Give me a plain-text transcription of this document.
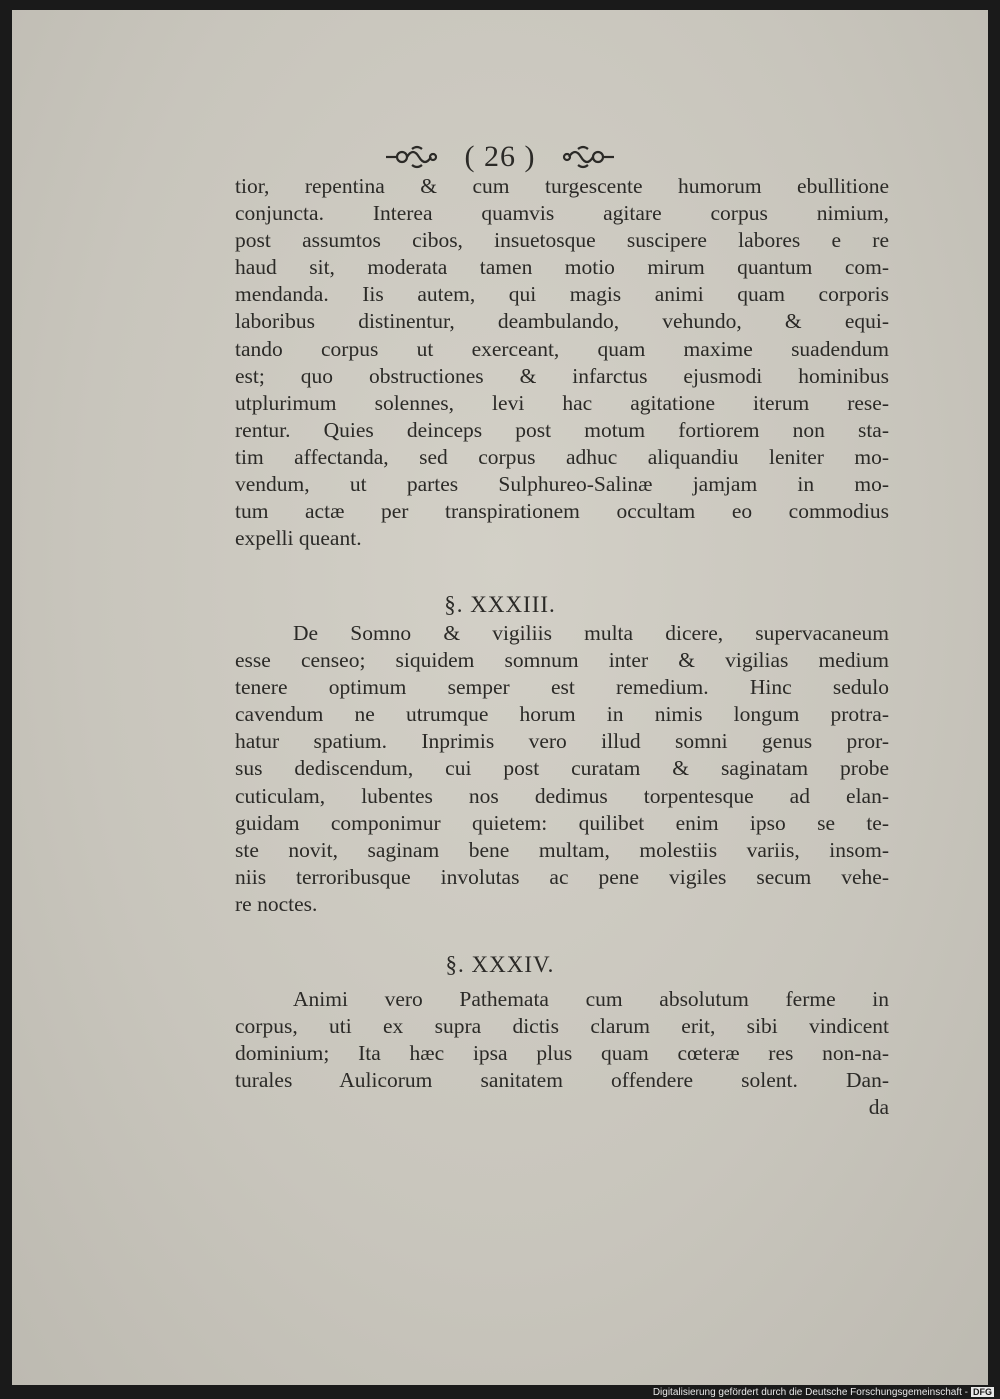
( 26 )
tior, repentina & cum turgescente humorum ebullitione
conjuncta. Interea quamvis agitare corpus nimium,
post assumtos cibos, insuetosque suscipere labores e re
haud sit, moderata tamen motio mirum quantum com-
mendanda. Iis autem, qui magis animi quam corporis
laboribus distinentur, deambulando, vehundo, & equi-
tando corpus ut exerceant, quam maxime suadendum
est; quo obstructiones & infarctus ejusmodi hominibus
utplurimum solennes, levi hac agitatione iterum rese-
rentur. Quies deinceps post motum fortiorem non sta-
tim affectanda, sed corpus adhuc aliquandiu leniter mo-
vendum, ut partes Sulphureo-Salinæ jamjam in mo-
tum actæ per transpirationem occultam eo commodius
expelli queant.
§. XXXIII.
De Somno & vigiliis multa dicere, supervacaneum
esse censeo; siquidem somnum inter & vigilias medium
tenere optimum semper est remedium. Hinc sedulo
cavendum ne utrumque horum in nimis longum protra-
hatur spatium. Inprimis vero illud somni genus pror-
sus dediscendum, cui post curatam & saginatam probe
cuticulam, lubentes nos dedimus torpentesque ad elan-
guidam componimur quietem: quilibet enim ipso se te-
ste novit, saginam bene multam, molestiis variis, insom-
niis terroribusque involutas ac pene vigiles secum vehe-
re noctes.
§. XXXIV.
Animi vero Pathemata cum absolutum ferme in
corpus, uti ex supra dictis clarum erit, sibi vindicent
dominium; Ita hæc ipsa plus quam cœteræ res non-na-
turales Aulicorum sanitatem offendere solent. Dan-
da
Digitalisierung gefördert durch die Deutsche Forschungsgemeinschaft - DFG
